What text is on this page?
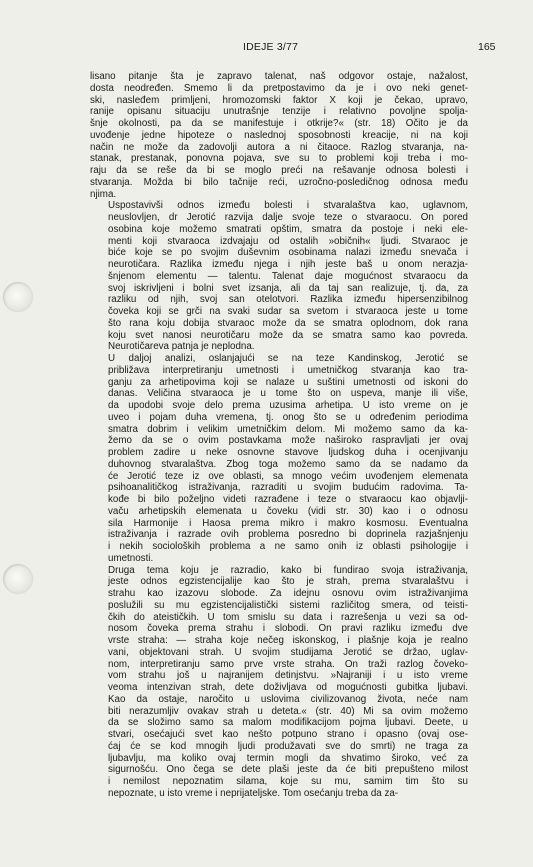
IDEJE 3/77	165

lisano pitanje šta je zapravo talenat, naš odgovor ostaje, nažalost,
dosta neodređen. Smemo li da pretpostavimo da je i ovo neki genet-
ski, nasleđem primljeni, hromozomski faktor X koji je čekao, upravo,
ranije opisanu situaciju unutrašnje tenzije i relativno povoljne spolja-
šnje okolnosti, pa da se manifestuje i otkrije?« (str. 18) Očito je da
uvođenje jedne hipoteze o naslednoj sposobnosti kreacije, ni na koji
način ne može da zadovolji autora a ni čitaoce. Razlog stvaranja, na-
stanak, prestanak, ponovna pojava, sve su to problemi koji treba i mo-
raju da se reše da bi se moglo preći na rešavanje odnosa bolesti i
stvaranja. Možda bi bilo tačnije reći, uzročno-posledičnog odnosa među
njima.

Uspostavivši odnos između bolesti i stvaralaštva kao, uglavnom,
neuslovljen, dr Jerotić razvija dalje svoje teze o stvaraocu. On pored
osobina koje možemo smatrati opštim, smatra da postoje i neki ele-
menti koji stvaraoca izdvajaju od ostalih »običnih« ljudi. Stvaraoc je
biće koje se po svojim duševnim osobinama nalazi između snevača i
neurotičara. Razlika između njega i njih jeste baš u onom nerazja-
šnjenom elementu — talentu. Talenat daje mogućnost stvaraocu da
svoj iskrivljeni i bolni svet izsanja, ali da taj san realizuje, tj. da, za
razliku od njih, svoj san otelotvori. Razlika između hipersenzibilnog
čoveka koji se grči na svaki sudar sa svetom i stvaraoca jeste u tome
što rana koju dobija stvaraoc može da se smatra oplodnom, dok rana
koju svet nanosi neurotičaru može da se smatra samo kao povreda.
Neurotičareva patnja je neplodna.

U daljoj analizi, oslanjajući se na teze Kandinskog, Jerotić se
približava interpretiranju umetnosti i umetničkog stvaranja kao tra-
ganju za arhetipovima koji se nalaze u suštini umetnosti od iskoni do
danas. Veličina stvaraoca je u tome što on uspeva, manje ili više,
da upodobi svoje delo prema uzusima arhetipa. U isto vreme on je
uveo i pojam duha vremena, tj. onog što se u određenim periodima
smatra dobrim i velikim umetničkim delom. Mi možemo samo da ka-
žemo da se o ovim postavkama može naširoko raspravljati jer ovaj
problem zadire u neke osnovne stavove ljudskog duha i ocenjivanju
duhovnog stvaralaštva. Zbog toga možemo samo da se nadamo da
će Jerotić teze iz ove oblasti, sa mnogo većim uvođenjem elemenata
psihoanalitičkog istraživanja, razraditi u svojim budućim radovima. Ta-
kođe bi bilo poželjno videti razrađene i teze o stvaraocu kao objavlji-
vaču arhetipskih elemenata u čoveku (vidi str. 30) kao i o odnosu
sila Harmonije i Haosa prema mikro i makro kosmosu. Eventualna
istraživanja i razrade ovih problema posredno bi doprinela razjašnjenju
i nekih socioloških problema a ne samo onih iz oblasti psihologije i
umetnosti.

Druga tema koju je razradio, kako bi fundirao svoja istraživanja,
jeste odnos egzistencijalije kao što je strah, prema stvaralaštvu i
strahu kao izazovu slobode. Za idejnu osnovu ovim istraživanjima
poslužili su mu egzistencijalistički sistemi različitog smera, od teisti-
čkih do ateističkih. U tom smislu su data i razrešenja u vezi sa od-
nosom čoveka prema strahu i slobodi. On pravi razliku između dve
vrste straha: — straha koje nečeg iskonskog, i plašnje koja je realno
vani, objektovani strah. U svojim studijama Jerotić se držao, uglav-
nom, interpretiranju samo prve vrste straha. On traži razlog čoveko-
vom strahu još u najranijem detinjstvu. »Najraniji i u isto vreme
veoma intenzivan strah, dete doživljava od mogućnosti gubitka ljubavi.
Kao da ostaje, naročito u uslovima civilizovanog života, neće nam
biti nerazumljiv ovakav strah u deteta.« (str. 40) Mi sa ovim možemo
da se složimo samo sa malom modifikacijom pojma ljubavi. Deete, u
stvari, osećajući svet kao nešto potpuno strano i opasno (ovaj ose-
ćaj će se kod mnogih ljudi produžavati sve do smrti) ne traga za
ljubavlju, ma koliko ovaj termin mogli da shvatimo široko, već za
sigurnošću. Ono čega se dete plaši jeste da će biti prepušteno milost
i nemilost nepoznatim silama, koje su mu, samim tim što su
nepoznate, u isto vreme i neprijateljske. Tom osećanju treba da za-
